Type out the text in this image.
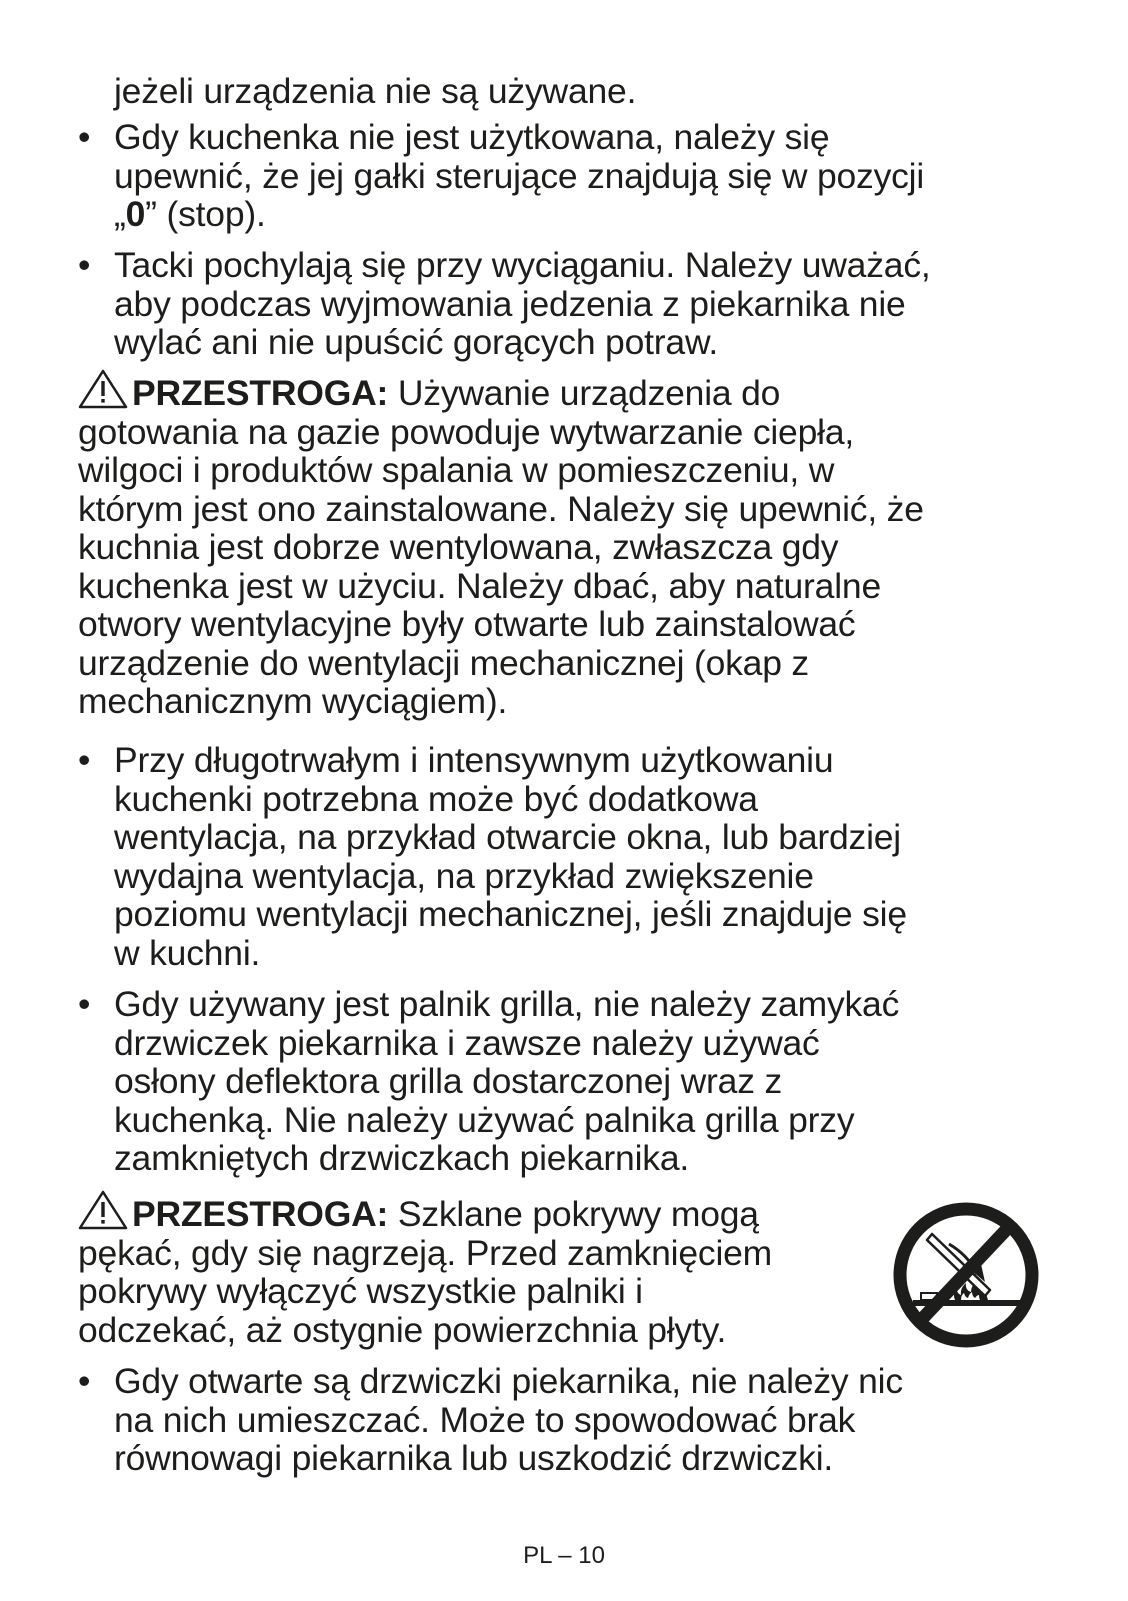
jeżeli urządzenia nie są używane.
• Gdy kuchenka nie jest użytkowana, należy się
upewnić, że jej gałki sterujące znajdują się w pozycji
„0” (stop).
• Tacki pochylają się przy wyciąganiu. Należy uważać,
aby podczas wyjmowania jedzenia z piekarnika nie
wylać ani nie upuścić gorących potraw.
PRZESTROGA: Używanie urządzenia do
gotowania na gazie powoduje wytwarzanie ciepła,
wilgoci i produktów spalania w pomieszczeniu, w
którym jest ono zainstalowane. Należy się upewnić, że
kuchnia jest dobrze wentylowana, zwłaszcza gdy
kuchenka jest w użyciu. Należy dbać, aby naturalne
otwory wentylacyjne były otwarte lub zainstalować
urządzenie do wentylacji mechanicznej (okap z
mechanicznym wyciągiem).
• Przy długotrwałym i intensywnym użytkowaniu
kuchenki potrzebna może być dodatkowa
wentylacja, na przykład otwarcie okna, lub bardziej
wydajna wentylacja, na przykład zwiększenie
poziomu wentylacji mechanicznej, jeśli znajduje się
w kuchni.
• Gdy używany jest palnik grilla, nie należy zamykać
drzwiczek piekarnika i zawsze należy używać
osłony deflektora grilla dostarczonej wraz z
kuchenką. Nie należy używać palnika grilla przy
zamkniętych drzwiczkach piekarnika.
PRZESTROGA: Szklane pokrywy mogą
pękać, gdy się nagrzeją. Przed zamknięciem
pokrywy wyłączyć wszystkie palniki i
odczekać, aż ostygnie powierzchnia płyty.
• Gdy otwarte są drzwiczki piekarnika, nie należy nic
na nich umieszczać. Może to spowodować brak
równowagi piekarnika lub uszkodzić drzwiczki.
PL – 10
